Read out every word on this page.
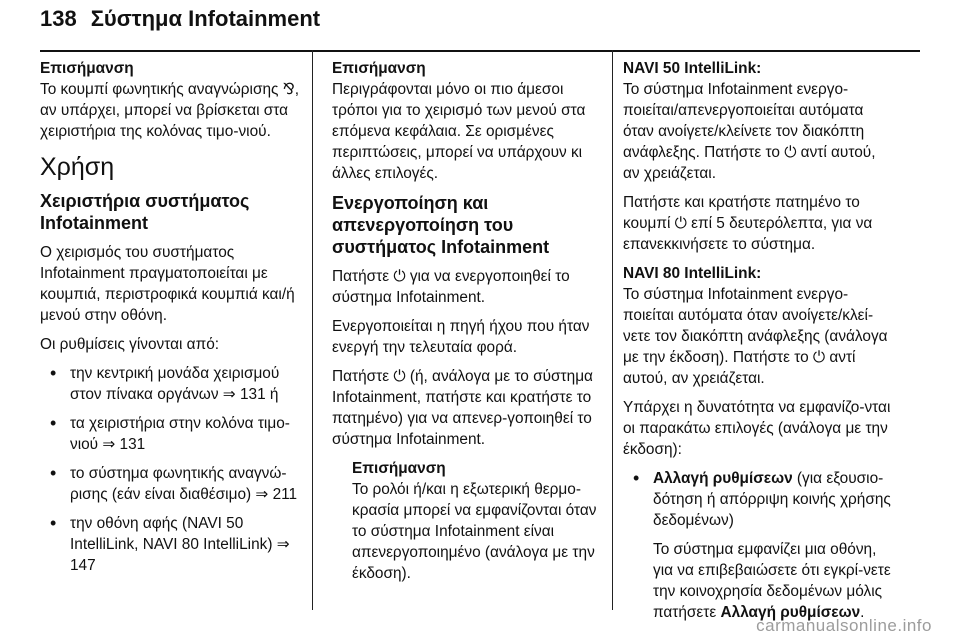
138 Σύστημα Infotainment
Επισήμανση
Το κουμπί φωνητικής αναγνώρισης ⅋, αν υπάρχει, μπορεί να βρίσκεται στα χειριστήρια της κολόνας τιμο-νιού.
Χρήση
Χειριστήρια συστήματος Infotainment

Ο χειρισμός του συστήματος Infotainment πραγματοποιείται με κουμπιά, περιστροφικά κουμπιά και/ή μενού στην οθόνη.

Οι ρυθμίσεις γίνονται από:

• την κεντρική μονάδα χειρισμού στον πίνακα οργάνων ⇒ 131 ή
• τα χειριστήρια στην κολόνα τιμο-νιού ⇒ 131
• το σύστημα φωνητικής αναγνώ-ρισης (εάν είναι διαθέσιμο) ⇒ 211
• την οθόνη αφής (NAVI 50 IntelliLink, NAVI 80 IntelliLink) ⇒ 147
Επισήμανση
Περιγράφονται μόνο οι πιο άμεσοι τρόποι για το χειρισμό των μενού στα επόμενα κεφάλαια. Σε ορισμένες περιπτώσεις, μπορεί να υπάρχουν κι άλλες επιλογές.
Ενεργοποίηση και απενεργοποίηση του συστήματος Infotainment

Πατήστε ⏻ για να ενεργοποιηθεί το σύστημα Infotainment.

Ενεργοποιείται η πηγή ήχου που ήταν ενεργή την τελευταία φορά.

Πατήστε ⏻ (ή, ανάλογα με το σύστημα Infotainment, πατήστε και κρατήστε το πατημένο) για να απενερ-γοποιηθεί το σύστημα Infotainment.

Επισήμανση
Το ρολόι ή/και η εξωτερική θερμο-κρασία μπορεί να εμφανίζονται όταν το σύστημα Infotainment είναι απενεργοποιημένο (ανάλογα με την έκδοση).
NAVI 50 IntelliLink:
Το σύστημα Infotainment ενεργο-ποιείται/απενεργοποιείται αυτόματα όταν ανοίγετε/κλείνετε τον διακόπτη ανάφλεξης. Πατήστε το ⏻ αντί αυτού, αν χρειάζεται.

Πατήστε και κρατήστε πατημένο το κουμπί ⏻ επί 5 δευτερόλεπτα, για να επανεκκινήσετε το σύστημα.

NAVI 80 IntelliLink:
Το σύστημα Infotainment ενεργο-ποιείται αυτόματα όταν ανοίγετε/κλεί-νετε τον διακόπτη ανάφλεξης (ανάλογα με την έκδοση). Πατήστε το ⏻ αντί αυτού, αν χρειάζεται.

Υπάρχει η δυνατότητα να εμφανίζο-νται οι παρακάτω επιλογές (ανάλογα με την έκδοση):

• Αλλαγή ρυθμίσεων (για εξουσιο-δότηση ή απόρριψη κοινής χρήσης δεδομένων)

Το σύστημα εμφανίζει μια οθόνη, για να επιβεβαιώσετε ότι εγκρί-νετε την κοινοχρησία δεδομένων μόλις πατήσετε Αλλαγή ρυθμίσεων.

carmanualsonline.info
